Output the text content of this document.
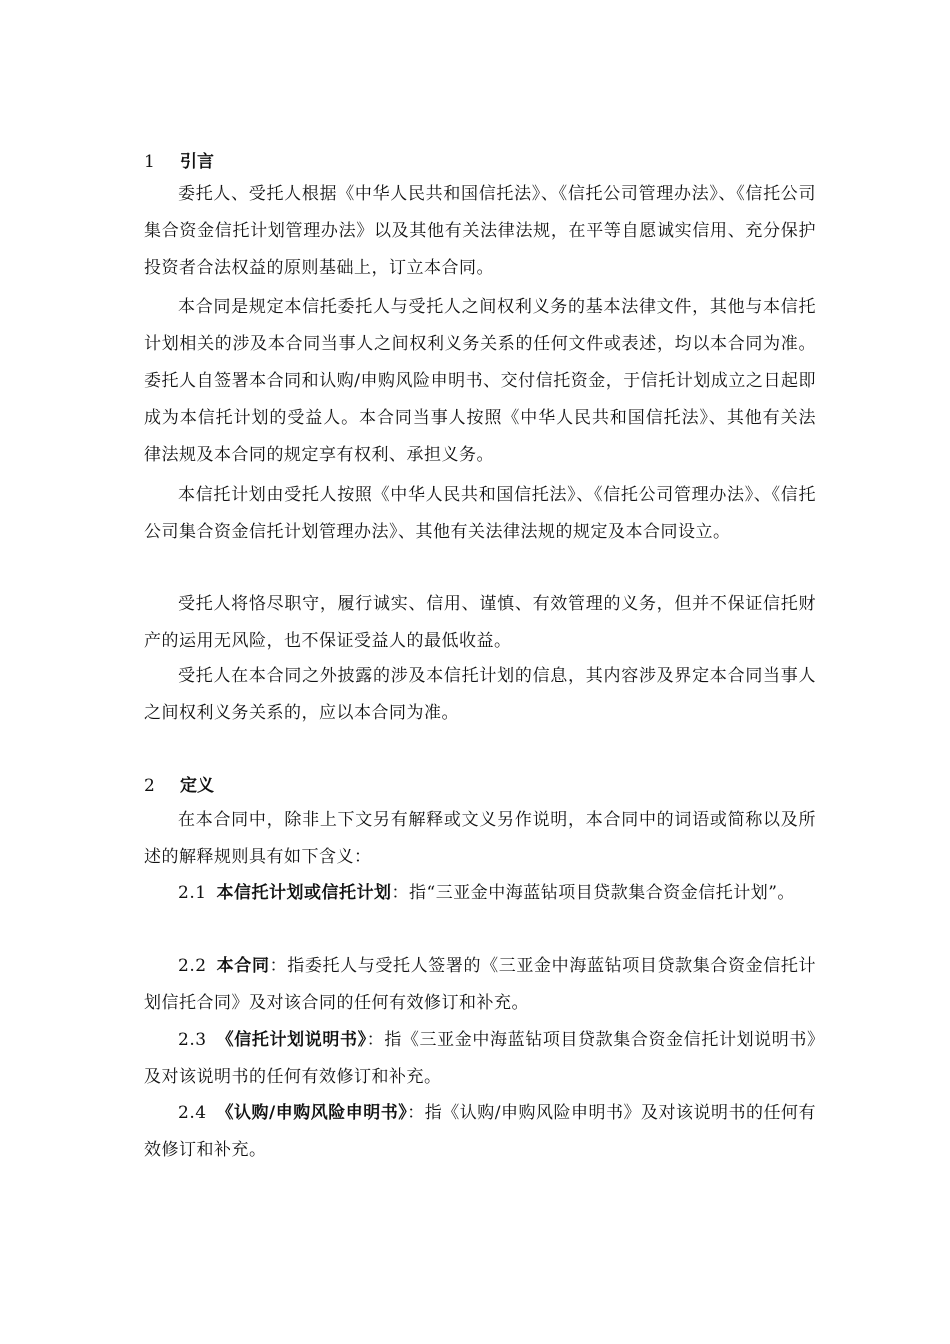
1 引言

委托人、受托人根据《中华人民共和国信托法》、《信托公司管理办法》、《信托公司集合资金信托计划管理办法》以及其他有关法律法规，在平等自愿诚实信用、充分保护投资者合法权益的原则基础上，订立本合同。

本合同是规定本信托委托人与受托人之间权利义务的基本法律文件，其他与本信托计划相关的涉及本合同当事人之间权利义务关系的任何文件或表述，均以本合同为准。委托人自签署本合同和认购/申购风险申明书、交付信托资金，于信托计划成立之日起即成为本信托计划的受益人。本合同当事人按照《中华人民共和国信托法》、其他有关法律法规及本合同的规定享有权利、承担义务。

本信托计划由受托人按照《中华人民共和国信托法》、《信托公司管理办法》、《信托公司集合资金信托计划管理办法》、其他有关法律法规的规定及本合同设立。

受托人将恪尽职守，履行诚实、信用、谨慎、有效管理的义务，但并不保证信托财产的运用无风险，也不保证受益人的最低收益。

受托人在本合同之外披露的涉及本信托计划的信息，其内容涉及界定本合同当事人之间权利义务关系的，应以本合同为准。

2 定义

在本合同中，除非上下文另有解释或文义另作说明，本合同中的词语或简称以及所述的解释规则具有如下含义：

2.1 本信托计划或信托计划：指“三亚金中海蓝钻项目贷款集合资金信托计划”。

2.2 本合同：指委托人与受托人签署的《三亚金中海蓝钻项目贷款集合资金信托计划信托合同》及对该合同的任何有效修订和补充。

2.3 《信托计划说明书》：指《三亚金中海蓝钻项目贷款集合资金信托计划说明书》及对该说明书的任何有效修订和补充。

2.4 《认购/申购风险申明书》：指《认购/申购风险申明书》及对该说明书的任何有效修订和补充。
